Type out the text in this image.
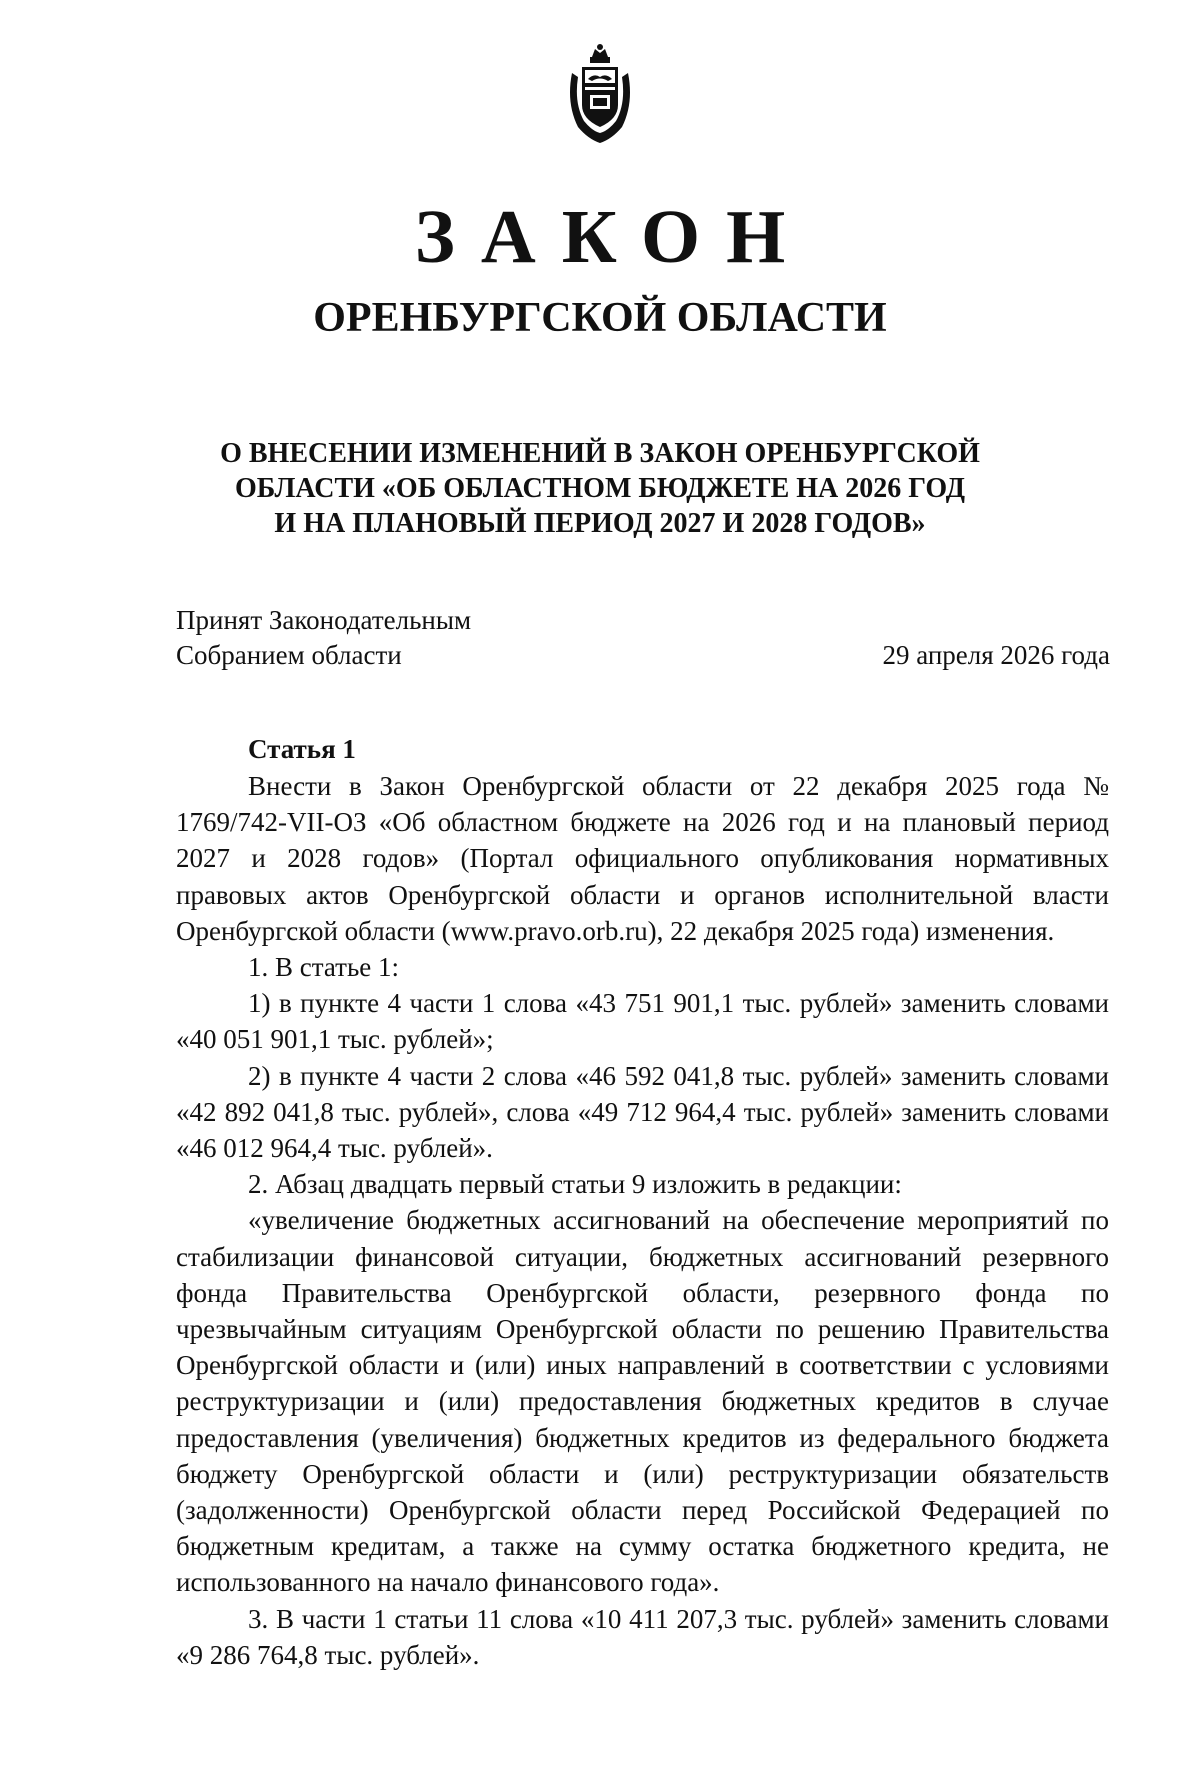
ЗАКОН
ОРЕНБУРГСКОЙ ОБЛАСТИ
О ВНЕСЕНИИ ИЗМЕНЕНИЙ В ЗАКОН ОРЕНБУРГСКОЙ
ОБЛАСТИ «ОБ ОБЛАСТНОМ БЮДЖЕТЕ НА 2026 ГОД
И НА ПЛАНОВЫЙ ПЕРИОД 2027 И 2028 ГОДОВ»
Принят Законодательным
Собранием области	29 апреля 2026 года
Статья 1

Внести в Закон Оренбургской области от 22 декабря 2025 года № 1769/742-VII-ОЗ «Об областном бюджете на 2026 год и на плановый период 2027 и 2028 годов» (Портал официального опубликования нормативных правовых актов Оренбургской области и органов исполнительной власти Оренбургской области (www.pravo.orb.ru), 22 декабря 2025 года) изменения.

1. В статье 1:

1) в пункте 4 части 1 слова «43 751 901,1 тыс. рублей» заменить словами «40 051 901,1 тыс. рублей»;

2) в пункте 4 части 2 слова «46 592 041,8 тыс. рублей» заменить словами «42 892 041,8 тыс. рублей», слова «49 712 964,4 тыс. рублей» заменить словами «46 012 964,4 тыс. рублей».

2. Абзац двадцать первый статьи 9 изложить в редакции:

«увеличение бюджетных ассигнований на обеспечение мероприятий по стабилизации финансовой ситуации, бюджетных ассигнований резервного фонда Правительства Оренбургской области, резервного фонда по чрезвычайным ситуациям Оренбургской области по решению Правительства Оренбургской области и (или) иных направлений в соответствии с условиями реструктуризации и (или) предоставления бюджетных кредитов в случае предоставления (увеличения) бюджетных кредитов из федерального бюджета бюджету Оренбургской области и (или) реструктуризации обязательств (задолженности) Оренбургской области перед Российской Федерацией по бюджетным кредитам, а также на сумму остатка бюджетного кредита, не использованного на начало финансового года».

3. В части 1 статьи 11 слова «10 411 207,3 тыс. рублей» заменить словами «9 286 764,8 тыс. рублей».
